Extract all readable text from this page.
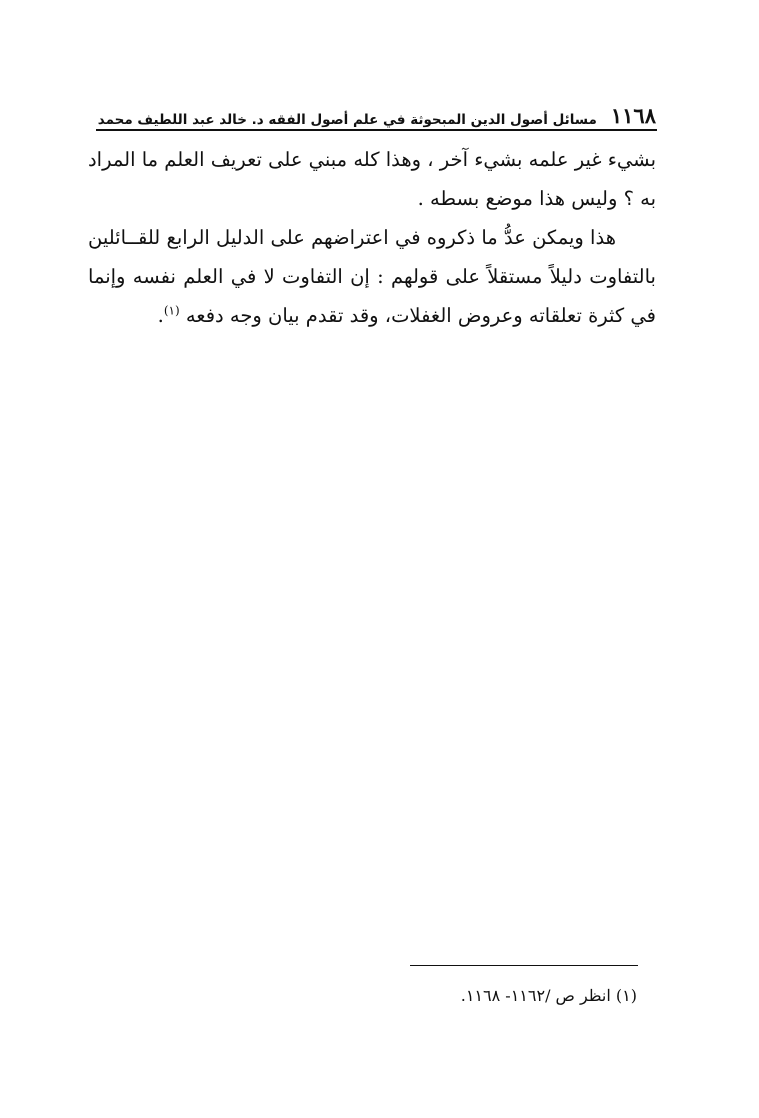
١١٦٨
مسائل أصول الدين المبحوثة في علم أصول الفقه د. خالد عبد اللطيف محمد

بشيء غير علمه بشيء آخر ، وهذا كله مبني على تعريف العلم ما المراد به ؟ وليس هذا موضع بسطه .

هذا ويمكن عدُّ ما ذكروه في اعتراضهم على الدليل الرابع للقــائلين بالتفاوت دليلاً مستقلاً على قولهم : إن التفاوت لا في العلم نفسه وإنما في كثرة تعلقاته وعروض الغفلات، وقد تقدم بيان وجه دفعه $^{(١)}$.

(١) انظر ص /١١٦٢- ١١٦٨.
